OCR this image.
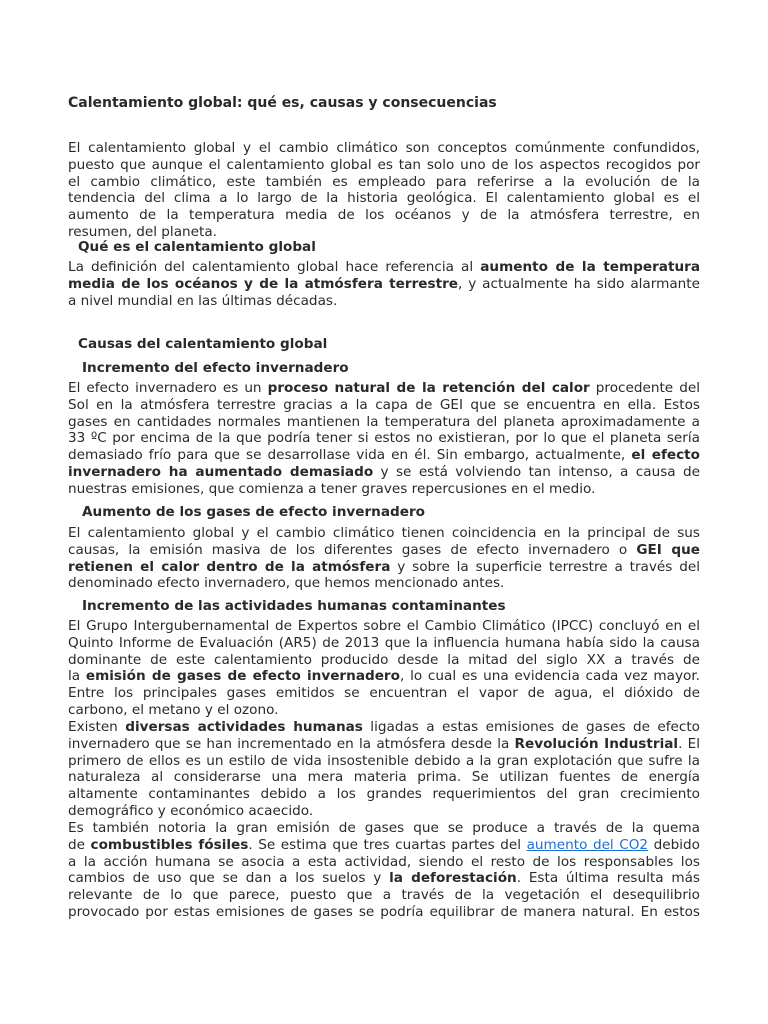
Calentamiento global: qué es, causas y consecuencias
El calentamiento global y el cambio climático son conceptos comúnmente confundidos,
puesto que aunque el calentamiento global es tan solo uno de los aspectos recogidos por
el cambio climático, este también es empleado para referirse a la evolución de la
tendencia del clima a lo largo de la historia geológica. El calentamiento global es el
aumento de la temperatura media de los océanos y de la atmósfera terrestre, en
resumen, del planeta.
Qué es el calentamiento global
La definición del calentamiento global hace referencia al aumento de la temperatura
media de los océanos y de la atmósfera terrestre, y actualmente ha sido alarmante
a nivel mundial en las últimas décadas.
Causas del calentamiento global
Incremento del efecto invernadero
El efecto invernadero es un proceso natural de la retención del calor procedente del
Sol en la atmósfera terrestre gracias a la capa de GEI que se encuentra en ella. Estos
gases en cantidades normales mantienen la temperatura del planeta aproximadamente a
33 ºC por encima de la que podría tener si estos no existieran, por lo que el planeta sería
demasiado frío para que se desarrollase vida en él. Sin embargo, actualmente, el efecto
invernadero ha aumentado demasiado y se está volviendo tan intenso, a causa de
nuestras emisiones, que comienza a tener graves repercusiones en el medio.
Aumento de los gases de efecto invernadero
El calentamiento global y el cambio climático tienen coincidencia en la principal de sus
causas, la emisión masiva de los diferentes gases de efecto invernadero o GEI que
retienen el calor dentro de la atmósfera y sobre la superficie terrestre a través del
denominado efecto invernadero, que hemos mencionado antes.
Incremento de las actividades humanas contaminantes
El Grupo Intergubernamental de Expertos sobre el Cambio Climático (IPCC) concluyó en el
Quinto Informe de Evaluación (AR5) de 2013 que la influencia humana había sido la causa
dominante de este calentamiento producido desde la mitad del siglo XX a través de
la emisión de gases de efecto invernadero, lo cual es una evidencia cada vez mayor.
Entre los principales gases emitidos se encuentran el vapor de agua, el dióxido de
carbono, el metano y el ozono.
Existen diversas actividades humanas ligadas a estas emisiones de gases de efecto
invernadero que se han incrementado en la atmósfera desde la Revolución Industrial. El
primero de ellos es un estilo de vida insostenible debido a la gran explotación que sufre la
naturaleza al considerarse una mera materia prima. Se utilizan fuentes de energía
altamente contaminantes debido a los grandes requerimientos del gran crecimiento
demográfico y económico acaecido.
Es también notoria la gran emisión de gases que se produce a través de la quema
de combustibles fósiles. Se estima que tres cuartas partes del aumento del CO2 debido
a la acción humana se asocia a esta actividad, siendo el resto de los responsables los
cambios de uso que se dan a los suelos y la deforestación. Esta última resulta más
relevante de lo que parece, puesto que a través de la vegetación el desequilibrio
provocado por estas emisiones de gases se podría equilibrar de manera natural. En estos
